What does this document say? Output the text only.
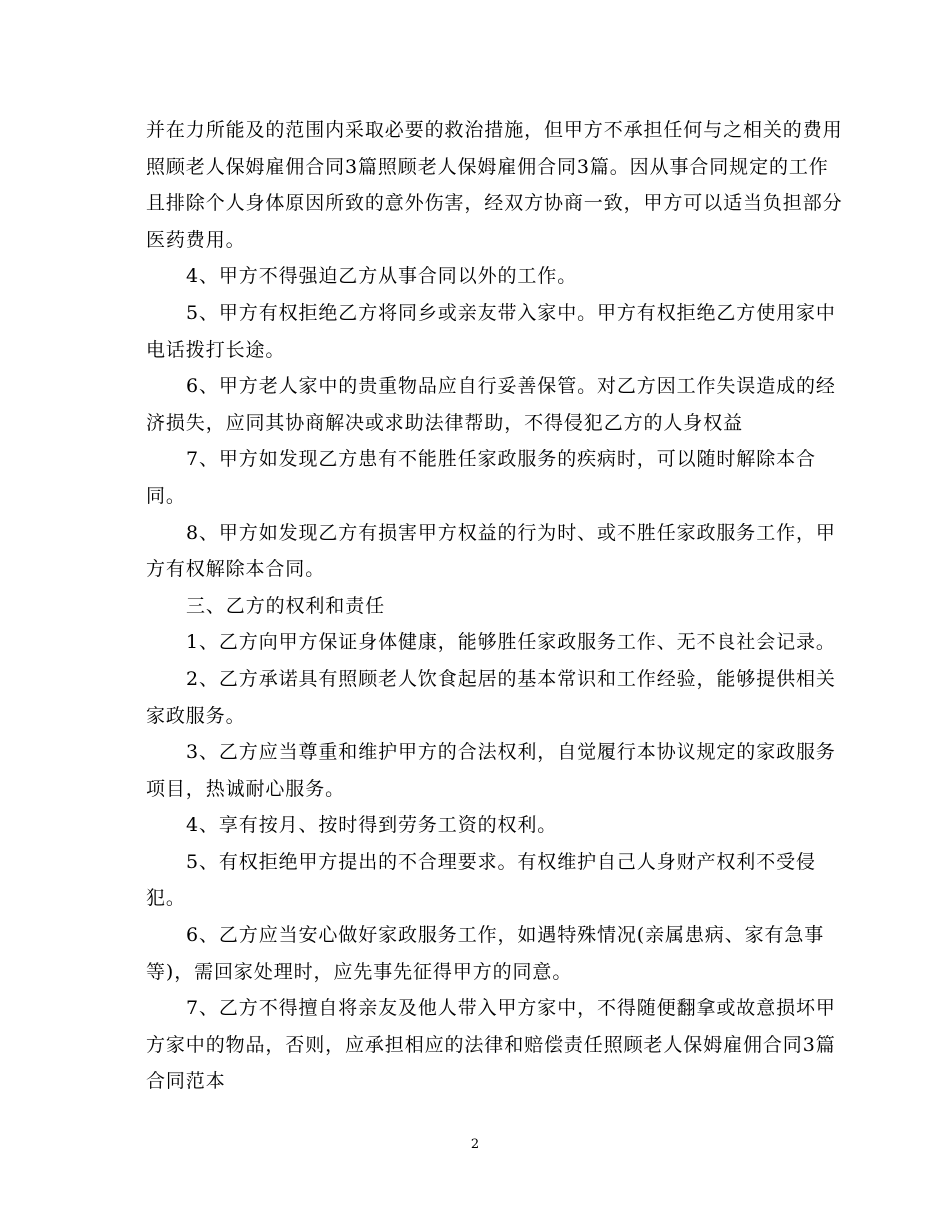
并在力所能及的范围内采取必要的救治措施，但甲方不承担任何与之相关的费用
照顾老人保姆雇佣合同3篇照顾老人保姆雇佣合同3篇。因从事合同规定的工作
且排除个人身体原因所致的意外伤害，经双方协商一致，甲方可以适当负担部分
医药费用。

4、甲方不得强迫乙方从事合同以外的工作。

5、甲方有权拒绝乙方将同乡或亲友带入家中。甲方有权拒绝乙方使用家中
电话拨打长途。

6、甲方老人家中的贵重物品应自行妥善保管。对乙方因工作失误造成的经
济损失，应同其协商解决或求助法律帮助，不得侵犯乙方的人身权益

7、甲方如发现乙方患有不能胜任家政服务的疾病时，可以随时解除本合
同。

8、甲方如发现乙方有损害甲方权益的行为时、或不胜任家政服务工作，甲
方有权解除本合同。

三、乙方的权利和责任

1、乙方向甲方保证身体健康，能够胜任家政服务工作、无不良社会记录。

2、乙方承诺具有照顾老人饮食起居的基本常识和工作经验，能够提供相关
家政服务。

3、乙方应当尊重和维护甲方的合法权利，自觉履行本协议规定的家政服务
项目，热诚耐心服务。

4、享有按月、按时得到劳务工资的权利。

5、有权拒绝甲方提出的不合理要求。有权维护自己人身财产权利不受侵
犯。

6、乙方应当安心做好家政服务工作，如遇特殊情况(亲属患病、家有急事
等)，需回家处理时，应先事先征得甲方的同意。

7、乙方不得擅自将亲友及他人带入甲方家中，不得随便翻拿或故意损坏甲
方家中的物品，否则，应承担相应的法律和赔偿责任照顾老人保姆雇佣合同3篇
合同范本

2
